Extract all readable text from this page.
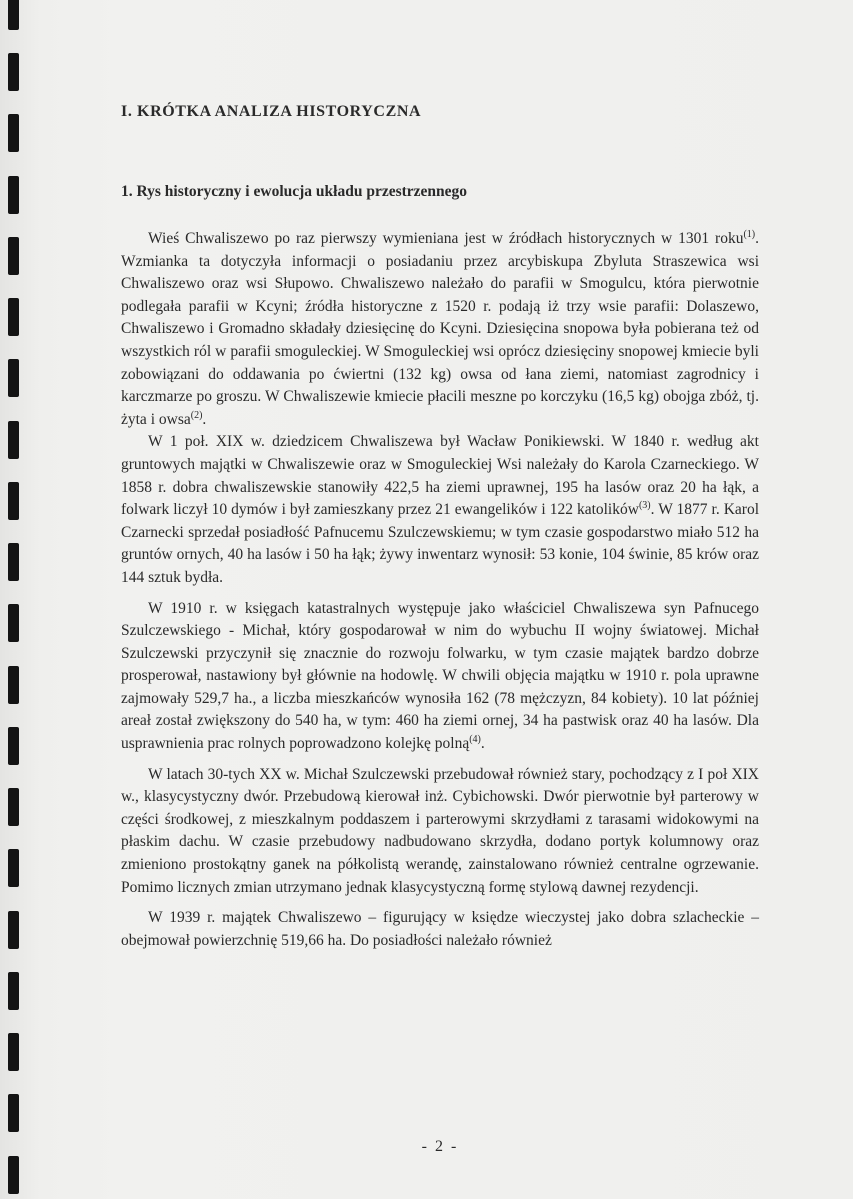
I. KRÓTKA ANALIZA HISTORYCZNA
1. Rys historyczny i ewolucja układu przestrzennego

Wieś Chwaliszewo po raz pierwszy wymieniana jest w źródłach historycznych w 1301 roku$^{(1)}$. Wzmianka ta dotyczyła informacji o posiadaniu przez arcybiskupa Zbyluta Straszewica wsi Chwaliszewo oraz wsi Słupowo. Chwaliszewo należało do parafii w Smogulcu, która pierwotnie podlegała parafii w Kcyni; źródła historyczne z 1520 r. podają iż trzy wsie parafii: Dolaszewo, Chwaliszewo i Gromadno składały dziesięcinę do Kcyni. Dziesięcina snopowa była pobierana też od wszystkich ról w parafii smoguleckiej. W Smoguleckiej wsi oprócz dziesięciny snopowej kmiecie byli zobowiązani do oddawania po ćwiertni (132 kg) owsa od łana ziemi, natomiast zagrodnicy i karczmarze po groszu. W Chwaliszewie kmiecie płacili meszne po korczyku (16,5 kg) obojga zbóż, tj. żyta i owsa$^{(2)}$.

W 1 poł. XIX w. dziedzicem Chwaliszewa był Wacław Ponikiewski. W 1840 r. według akt gruntowych majątki w Chwaliszewie oraz w Smoguleckiej Wsi należały do Karola Czarneckiego. W 1858 r. dobra chwaliszewskie stanowiły 422,5 ha ziemi uprawnej, 195 ha lasów oraz 20 ha łąk, a folwark liczył 10 dymów i był zamieszkany przez 21 ewangelików i 122 katolików$^{(3)}$. W 1877 r. Karol Czarnecki sprzedał posiadłość Pafnucemu Szulczewskiemu; w tym czasie gospodarstwo miało 512 ha gruntów ornych, 40 ha lasów i 50 ha łąk; żywy inwentarz wynosił: 53 konie, 104 świnie, 85 krów oraz 144 sztuk bydła.

W 1910 r. w księgach katastralnych występuje jako właściciel Chwaliszewa syn Pafnucego Szulczewskiego - Michał, który gospodarował w nim do wybuchu II wojny światowej. Michał Szulczewski przyczynił się znacznie do rozwoju folwarku, w tym czasie majątek bardzo dobrze prosperował, nastawiony był głównie na hodowlę. W chwili objęcia majątku w 1910 r. pola uprawne zajmowały 529,7 ha., a liczba mieszkańców wynosiła 162 (78 mężczyzn, 84 kobiety). 10 lat później areał został zwiększony do 540 ha, w tym: 460 ha ziemi ornej, 34 ha pastwisk oraz 40 ha lasów. Dla usprawnienia prac rolnych poprowadzono kolejkę polną$^{(4)}$.

W latach 30-tych XX w. Michał Szulczewski przebudował również stary, pochodzący z I poł XIX w., klasycystyczny dwór. Przebudową kierował inż. Cybichowski. Dwór pierwotnie był parterowy w części środkowej, z mieszkalnym poddaszem i parterowymi skrzydłami z tarasami widokowymi na płaskim dachu. W czasie przebudowy nadbudowano skrzydła, dodano portyk kolumnowy oraz zmieniono prostokątny ganek na półkolistą werandę, zainstalowano również centralne ogrzewanie. Pomimo licznych zmian utrzymano jednak klasycystyczną formę stylową dawnej rezydencji.

W 1939 r. majątek Chwaliszewo – figurujący w księdze wieczystej jako dobra szlacheckie – obejmował powierzchnię 519,66 ha. Do posiadłości należało również

- 2 -
